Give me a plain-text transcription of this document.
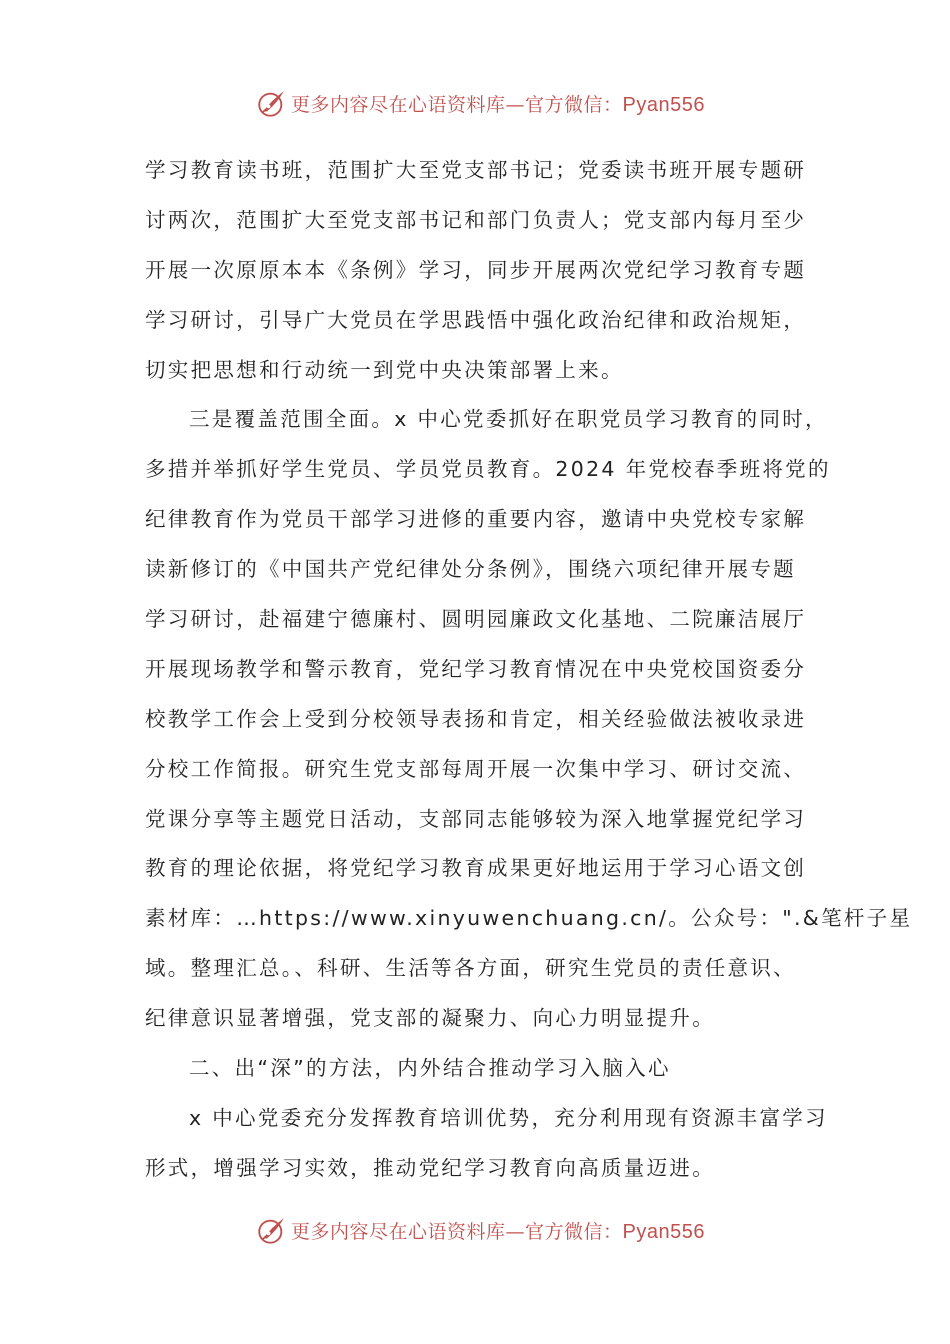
更多内容尽在心语资料库—官方微信：Pyan556
学习教育读书班，范围扩大至党支部书记；党委读书班开展专题研
讨两次，范围扩大至党支部书记和部门负责人；党支部内每月至少
开展一次原原本本《条例》学习，同步开展两次党纪学习教育专题
学习研讨，引导广大党员在学思践悟中强化政治纪律和政治规矩，
切实把思想和行动统一到党中央决策部署上来。
三是覆盖范围全面。x 中心党委抓好在职党员学习教育的同时，
多措并举抓好学生党员、学员党员教育。2024 年党校春季班将党的
纪律教育作为党员干部学习进修的重要内容，邀请中央党校专家解
读新修订的《中国共产党纪律处分条例》，围绕六项纪律开展专题
学习研讨，赴福建宁德廉村、圆明园廉政文化基地、二院廉洁展厅
开展现场教学和警示教育，党纪学习教育情况在中央党校国资委分
校教学工作会上受到分校领导表扬和肯定，相关经验做法被收录进
分校工作简报。研究生党支部每周开展一次集中学习、研讨交流、
党课分享等主题党日活动，支部同志能够较为深入地掌握党纪学习
教育的理论依据，将党纪学习教育成果更好地运用于学习心语文创
素材库：…https://www.xinyuwenchuang.cn/。公众号：".&笔杆子星
域。整理汇总。、科研、生活等各方面，研究生党员的责任意识、
纪律意识显著增强，党支部的凝聚力、向心力明显提升。
二、出“深”的方法，内外结合推动学习入脑入心
x 中心党委充分发挥教育培训优势，充分利用现有资源丰富学习
形式，增强学习实效，推动党纪学习教育向高质量迈进。
更多内容尽在心语资料库—官方微信：Pyan556
